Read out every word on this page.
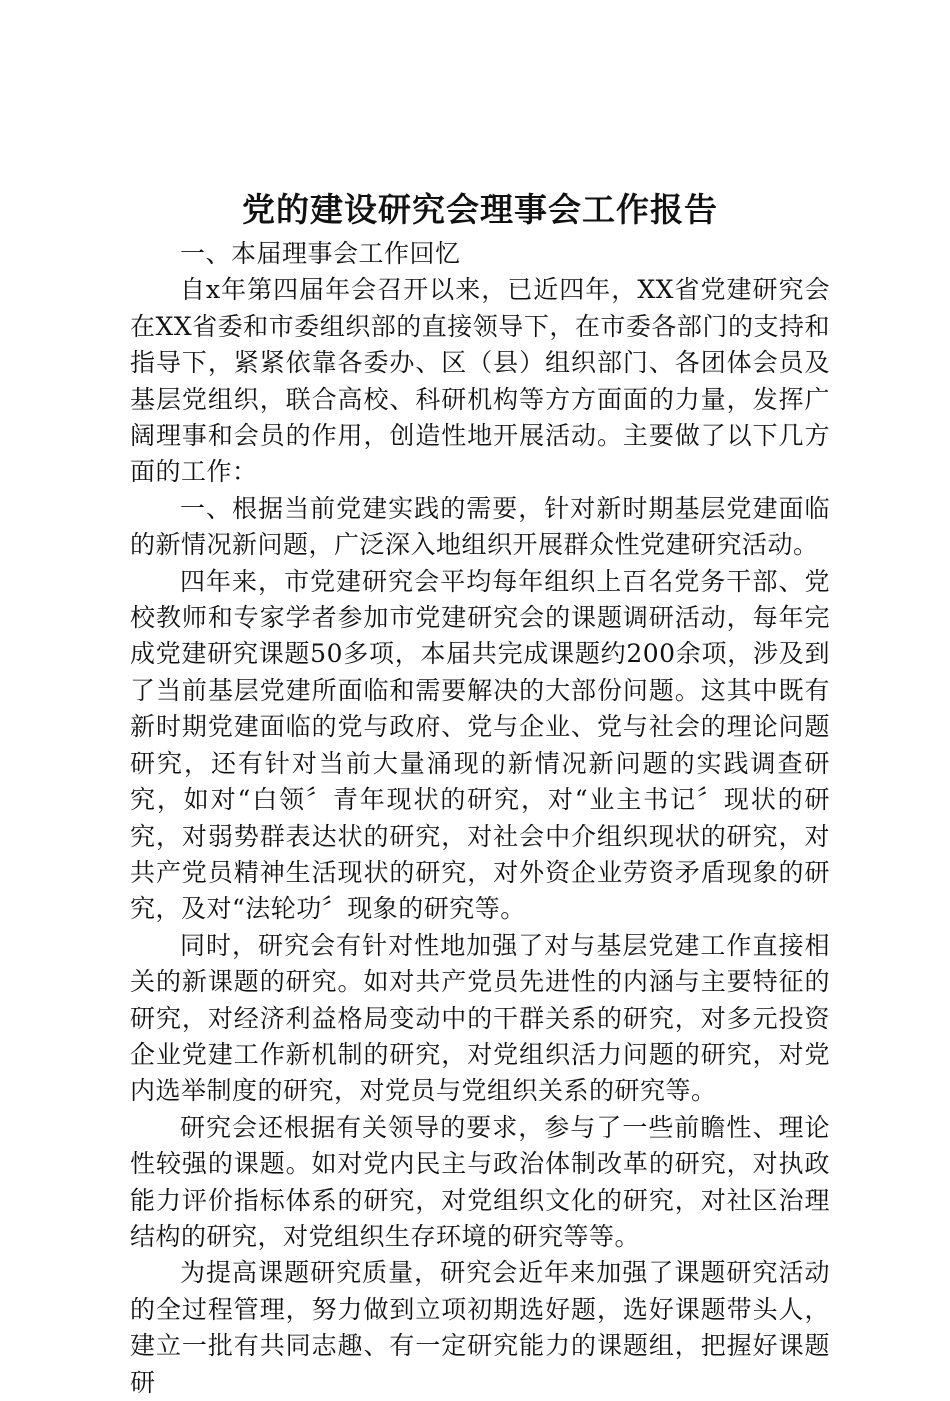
党的建设研究会理事会工作报告

一、本届理事会工作回忆

自x年第四届年会召开以来，已近四年，XX省党建研究会在XX省委和市委组织部的直接领导下，在市委各部门的支持和指导下，紧紧依靠各委办、区（县）组织部门、各团体会员及基层党组织，联合高校、科研机构等方方面面的力量，发挥广阔理事和会员的作用，创造性地开展活动。主要做了以下几方面的工作：

一、根据当前党建实践的需要，针对新时期基层党建面临的新情况新问题，广泛深入地组织开展群众性党建研究活动。

四年来，市党建研究会平均每年组织上百名党务干部、党校教师和专家学者参加市党建研究会的课题调研活动，每年完成党建研究课题50多项，本届共完成课题约200余项，涉及到了当前基层党建所面临和需要解决的大部份问题。这其中既有新时期党建面临的党与政府、党与企业、党与社会的理论问题研究，还有针对当前大量涌现的新情况新问题的实践调查研究，如对“白领〞青年现状的研究，对“业主书记〞现状的研究，对弱势群表达状的研究，对社会中介组织现状的研究，对共产党员精神生活现状的研究，对外资企业劳资矛盾现象的研究，及对“法轮功〞现象的研究等。

同时，研究会有针对性地加强了对与基层党建工作直接相关的新课题的研究。如对共产党员先进性的内涵与主要特征的研究，对经济利益格局变动中的干群关系的研究，对多元投资企业党建工作新机制的研究，对党组织活力问题的研究，对党内选举制度的研究，对党员与党组织关系的研究等。

研究会还根据有关领导的要求，参与了一些前瞻性、理论性较强的课题。如对党内民主与政治体制改革的研究，对执政能力评价指标体系的研究，对党组织文化的研究，对社区治理结构的研究，对党组织生存环境的研究等等。

为提高课题研究质量，研究会近年来加强了课题研究活动的全过程管理，努力做到立项初期选好题，选好课题带头人，建立一批有共同志趣、有一定研究能力的课题组，把握好课题研
